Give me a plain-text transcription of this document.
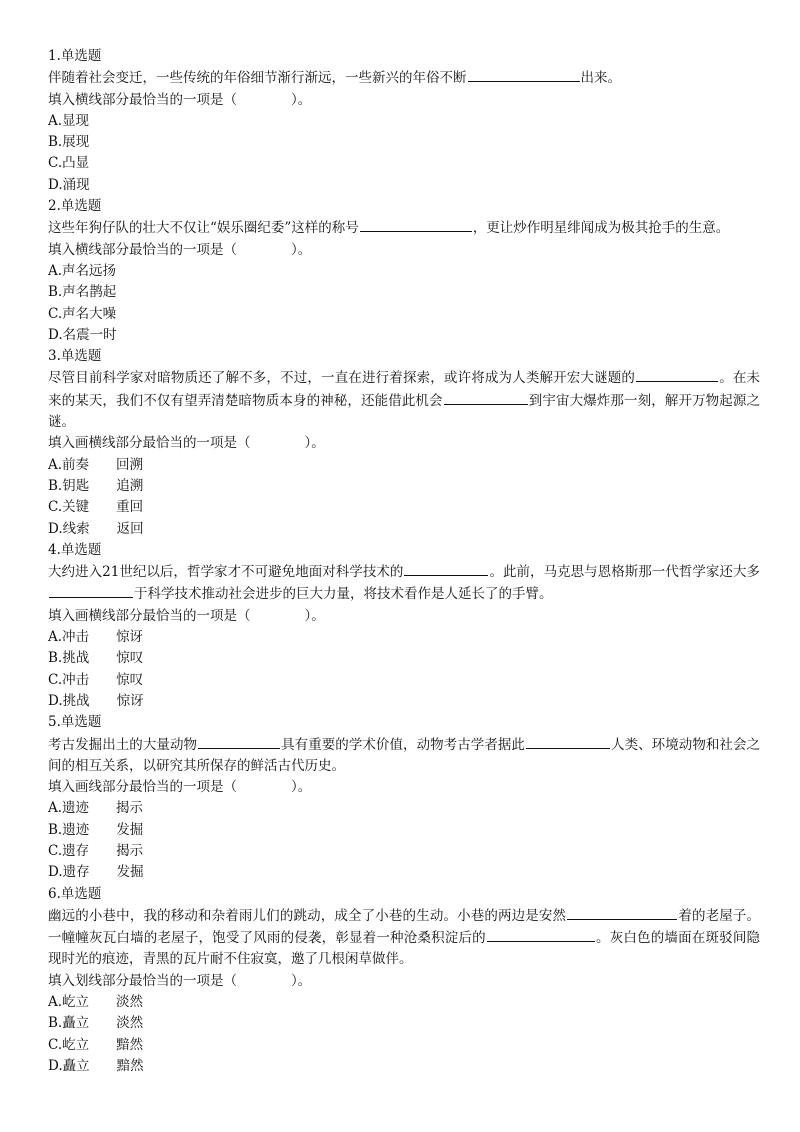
1.单选题
伴随着社会变迁，一些传统的年俗细节渐行渐远，一些新兴的年俗不断	出来。
填入横线部分最恰当的一项是（　　　　）。
A.显现
B.展现
C.凸显
D.涌现
2.单选题
这些年狗仔队的壮大不仅让“娱乐圈纪委”这样的称号	，更让炒作明星绯闻成为极其抢手的生意。
填入横线部分最恰当的一项是（　　　　）。
A.声名远扬
B.声名鹊起
C.声名大噪
D.名震一时
3.单选题
尽管目前科学家对暗物质还了解不多，不过，一直在进行着探索，或许将成为人类解开宏大谜题的	。在未来的某天，我们不仅有望弄清楚暗物质本身的神秘，还能借此机会	到宇宙大爆炸那一刻，解开万物起源之谜。
填入画横线部分最恰当的一项是（　　　　）。
A.前奏　　回溯
B.钥匙　　追溯
C.关键　　重回
D.线索　　返回
4.单选题
大约进入21世纪以后，哲学家才不可避免地面对科学技术的	。此前，马克思与恩格斯那一代哲学家还大多于科学技术推动社会进步的巨大力量，将技术看作是人延长了的手臂。
填入画横线部分最恰当的一项是（　　　　）。
A.冲击　　惊讶
B.挑战　　惊叹
C.冲击　　惊叹
D.挑战　　惊讶
5.单选题
考古发掘出土的大量动物	具有重要的学术价值，动物考古学者据此	人类、环境动物和社会之间的相互关系，以研究其所保存的鲜活古代历史。
填入画线部分最恰当的一项是（　　　　）。
A.遗迹　　揭示
B.遗迹　　发掘
C.遗存　　揭示
D.遗存　　发掘
6.单选题
幽远的小巷中，我的移动和杂着雨儿们的跳动，成全了小巷的生动。小巷的两边是安然	着的老屋子。一幢幢灰瓦白墙的老屋子，饱受了风雨的侵袭，彰显着一种沧桑积淀后的	。灰白色的墙面在斑驳间隐现时光的痕迹，青黑的瓦片耐不住寂寞，邀了几根闲草做伴。
填入划线部分最恰当的一项是（　　　　）。
A.屹立　　淡然
B.矗立　　淡然
C.屹立　　黯然
D.矗立　　黯然
